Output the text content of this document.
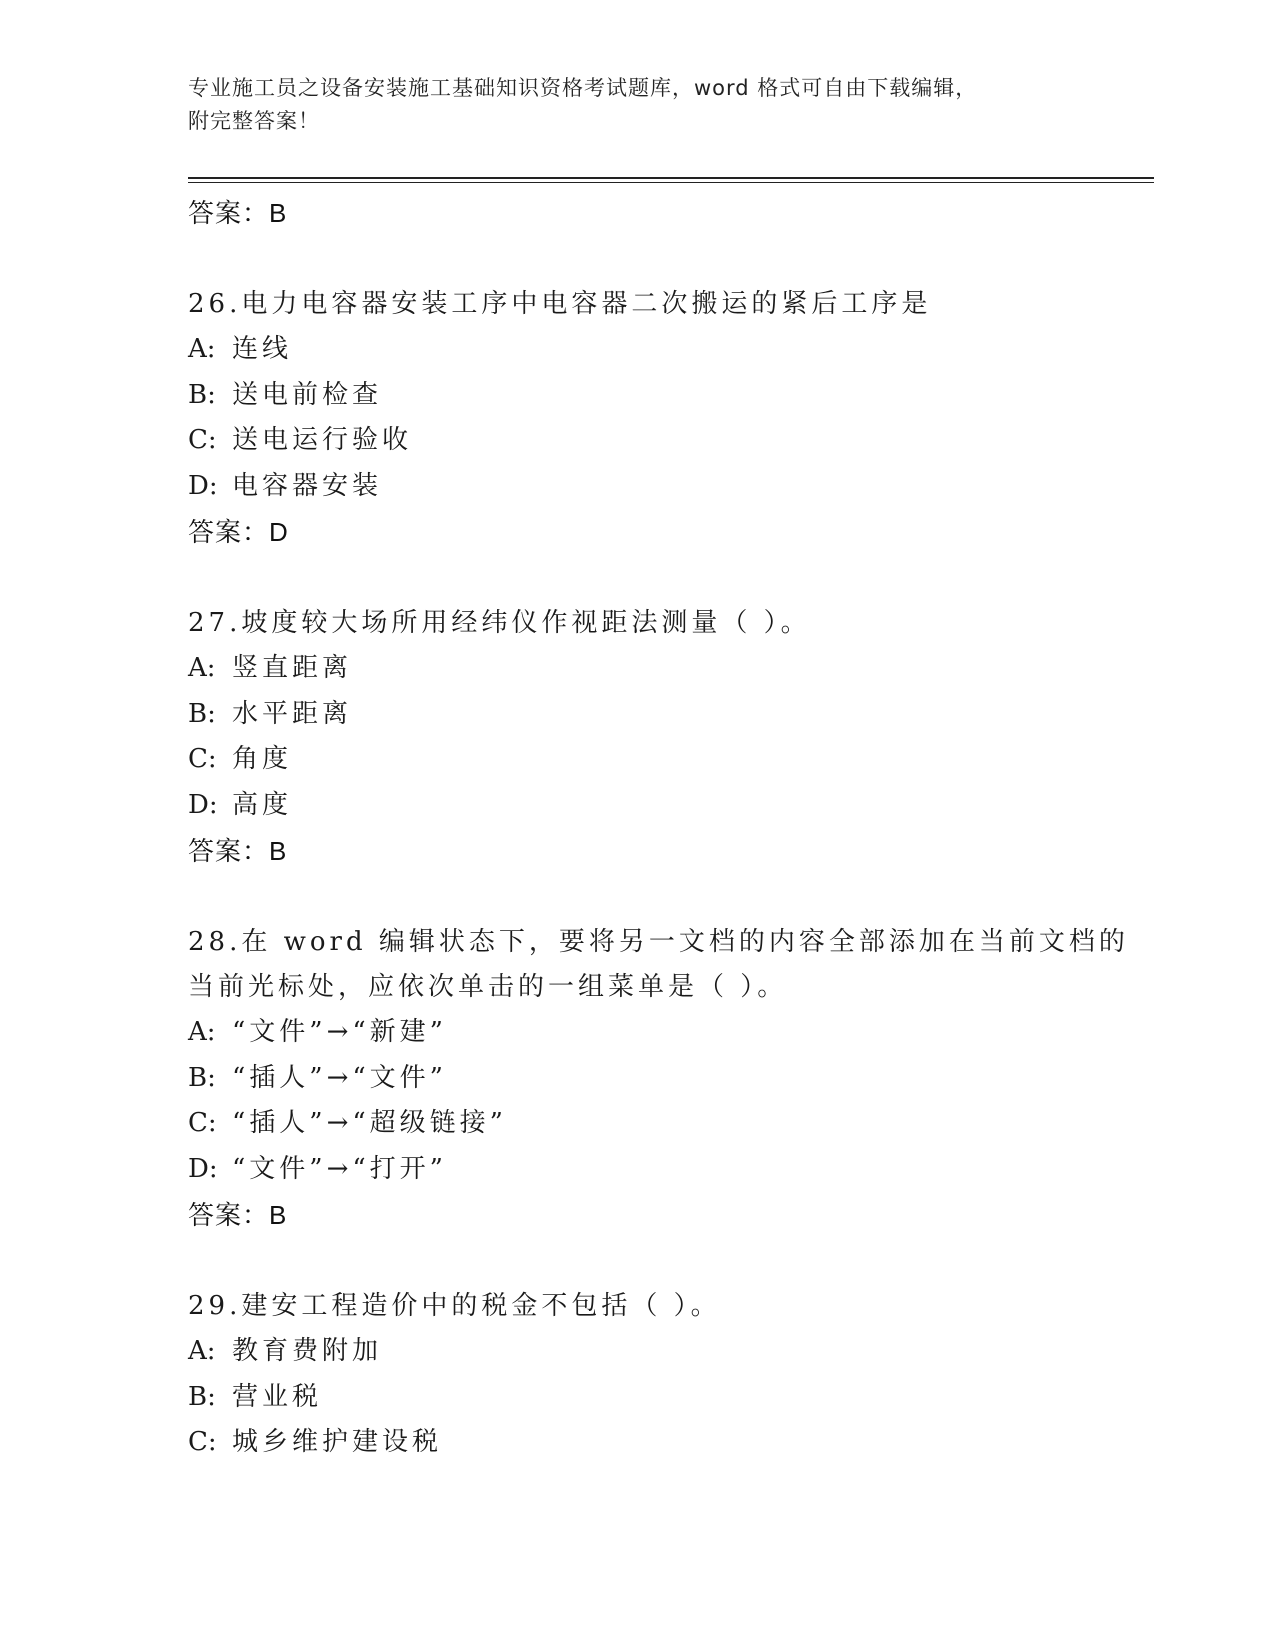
专业施工员之设备安装施工基础知识资格考试题库，word 格式可自由下载编辑，
附完整答案！
答案：B
26.电力电容器安装工序中电容器二次搬运的紧后工序是
A: 连线
B: 送电前检查
C: 送电运行验收
D: 电容器安装
答案：D
27.坡度较大场所用经纬仪作视距法测量（ ）。
A: 竖直距离
B: 水平距离
C: 角度
D: 高度
答案：B
28.在 word 编辑状态下，要将另一文档的内容全部添加在当前文档的
当前光标处，应依次单击的一组菜单是（ ）。
A: “文件”→“新建”
B: “插人”→“文件”
C: “插人”→“超级链接”
D: “文件”→“打开”
答案：B
29.建安工程造价中的税金不包括（ ）。
A: 教育费附加
B: 营业税
C: 城乡维护建设税
